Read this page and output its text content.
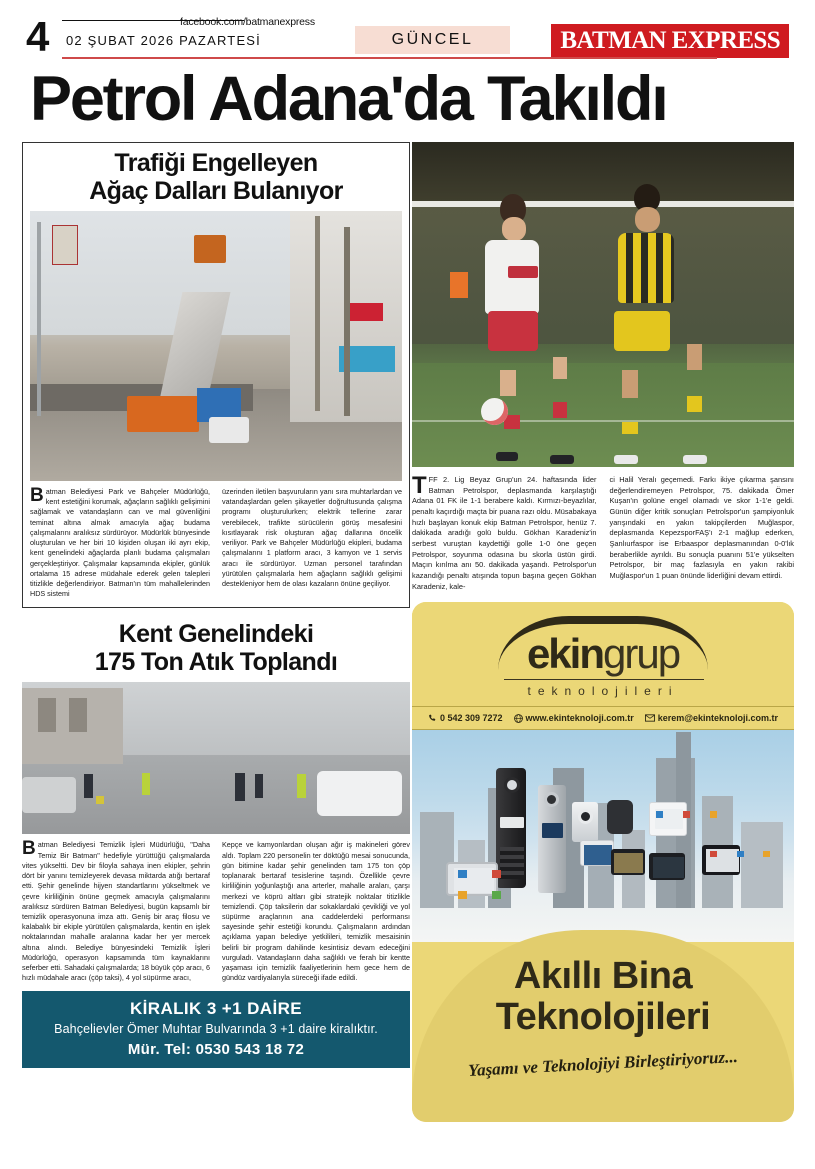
4	facebook.com/batmanexpress
02 ŞUBAT 2026 PAZARTESİ	GÜNCEL	BATMAN EXPRESS
Petrol Adana'da Takıldı
Trafiği Engelleyen
Ağaç Dalları Bulanıyor

Batman Belediyesi Park ve Bahçeler Müdürlüğü, kent estetiğini korumak, ağaçların sağlıklı gelişimini sağlamak ve vatandaşların can ve mal güvenliğini teminat altına almak amacıyla ağaç budama çalışmalarını aralıksız sürdürüyor. Müdürlük bünyesinde oluşturulan ve her biri 10 kişiden oluşan iki ayrı ekip, kent genelindeki ağaçlarda planlı budama çalışmaları gerçekleştiriyor. Çalışmalar kapsamında ekipler, günlük ortalama 15 adrese müdahale ederek gelen talepleri titizlikle değerlendiriyor. Batman'ın tüm mahallelerinden HDS sistemi

üzerinden iletilen başvuruların yanı sıra muhtarlardan ve vatandaşlardan gelen şikayetler doğrultusunda çalışma programı oluşturulurken; elektrik tellerine zarar verebilecek, trafikte sürücülerin görüş mesafesini kısıtlayarak risk oluşturan ağaç dallarına öncelik veriliyor. Park ve Bahçeler Müdürlüğü ekipleri, budama çalışmalarını 1 platform aracı, 3 kamyon ve 1 servis aracı ile sürdürüyor. Uzman personel tarafından yürütülen çalışmalarla hem ağaçların sağlıklı gelişimi destekleniyor hem de olası kazaların önüne geçiliyor.

Kent Genelindeki
175 Ton Atık Toplandı

Batman Belediyesi Temizlik İşleri Müdürlüğü, "Daha Temiz Bir Batman" hedefiyle yürüttüğü çalışmalarda vites yükseltti. Dev bir filoyla sahaya inen ekipler, şehrin dört bir yanını temizleyerek devasa miktarda atığı bertaraf etti. Şehir genelinde hijyen standartlarını yükseltmek ve çevre kirliliğinin önüne geçmek amacıyla çalışmalarını aralıksız sürdüren Batman Belediyesi, bugün kapsamlı bir temizlik operasyonuna imza attı. Geniş bir araç filosu ve kalabalık bir ekiple yürütülen çalışmalarda, kentin en işlek noktalarından mahalle aralarına kadar her yer mercek altına alındı. Belediye bünyesindeki Temizlik İşleri Müdürlüğü, operasyon kapsamında tüm kaynaklarını seferber etti. Sahadaki çalışmalarda; 18 büyük çöp aracı, 6 hızlı müdahale aracı (çöp taksi), 4 yol süpürme aracı,

Kepçe ve kamyonlardan oluşan ağır iş makineleri görev aldı. Toplam 220 personelin ter döktüğü mesai sonucunda, gün bitimine kadar şehir genelinden tam 175 ton çöp toplanarak bertaraf tesislerine taşındı. Özellikle çevre kirliliğinin yoğunlaştığı ana arterler, mahalle araları, çarşı merkezi ve köprü altları gibi stratejik noktalar titizlikle temizlendi. Çöp taksilerin dar sokaklardaki çevikliği ve yol süpürme araçlarının ana caddelerdeki performansı sayesinde şehir estetiği korundu. Çalışmaların ardından açıklama yapan belediye yetkilileri, temizlik mesaisinin belirli bir program dahilinde kesintisiz devam edeceğini vurguladı. Vatandaşların daha sağlıklı ve ferah bir kentte yaşaması için temizlik faaliyetlerinin hem gece hem de gündüz vardiyalarıyla süreceği ifade edildi.

KİRALIK 3 +1 DAİRE
Bahçelievler Ömer Muhtar Bulvarında 3 +1 daire kiralıktır.
Mür. Tel: 0530 543 18 72

TFF 2. Lig Beyaz Grup'un 24. haftasında lider Batman Petrolspor, deplasmanda karşılaştığı Adana 01 FK ile 1-1 berabere kaldı. Kırmızı-beyazlılar, penaltı kaçırdığı maçta bir puana razı oldu. Müsabakaya hızlı başlayan konuk ekip Batman Petrolspor, henüz 7. dakikada aradığı golü buldu. Gökhan Karadeniz'in serbest vuruştan kaydettiği golle 1-0 öne geçen Petrolspor, soyunma odasına bu skorla üstün girdi. Maçın kırılma anı 50. dakikada yaşandı. Petrolspor'un kazandığı penaltı atışında topun başına geçen Gökhan Karadeniz, kale-

ci Halil Yeralı geçemedi. Farkı ikiye çıkarma şansını değerlendiremeyen Petrolspor, 75. dakikada Ömer Kuşan'ın golüne engel olamadı ve skor 1-1'e geldi. Günün diğer kritik sonuçları Petrolspor'un şampiyonluk yarışındaki en yakın takipçilerden Muğlaspor, deplasmanda KepezsporFAŞ'ı 2-1 mağlup ederken, Şanlıurfaspor ise Erbaaspor deplasmanından 0-0'lık beraberlikle ayrıldı. Bu sonuçla puanını 51'e yükselten Petrolspor, bir maç fazlasıyla en yakın rakibi Muğlaspor'un 1 puan önünde liderliğini devam ettirdi.

ekingrup
teknolojileri
0 542 309 7272	www.ekinteknoloji.com.tr	kerem@ekinteknoloji.com.tr
Akıllı Bina
Teknolojileri
Yaşamı ve Teknolojiyi Birleştiriyoruz...
